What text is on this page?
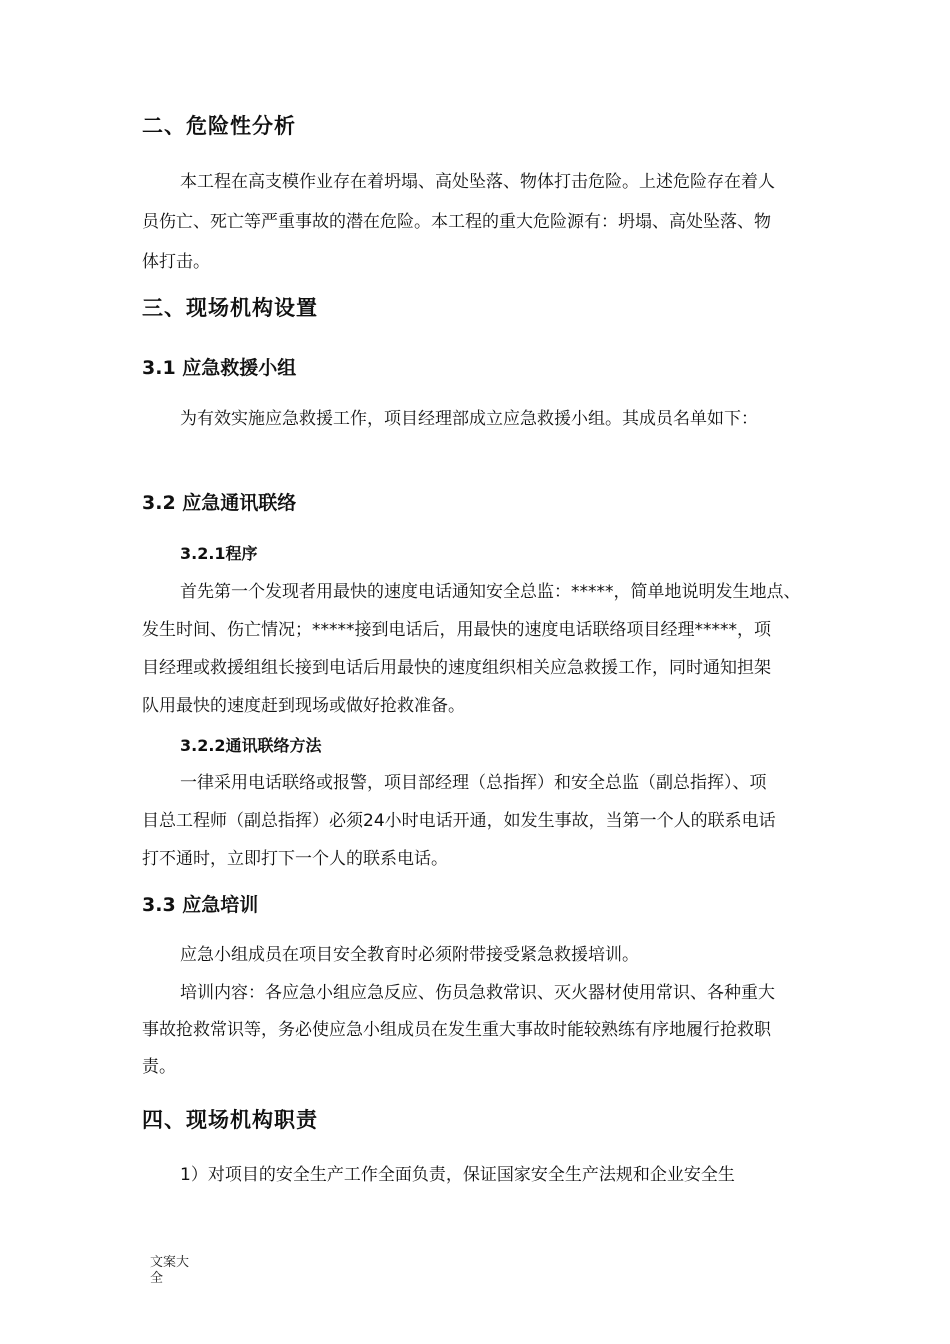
二、危险性分析
本工程在高支模作业存在着坍塌、高处坠落、物体打击危险。上述危险存在着人
员伤亡、死亡等严重事故的潜在危险。本工程的重大危险源有：坍塌、高处坠落、物
体打击。
三、现场机构设置
3.1 应急救援小组

为有效实施应急救援工作，项目经理部成立应急救援小组。其成员名单如下：

3.2 应急通讯联络
3.2.1程序
首先第一个发现者用最快的速度电话通知安全总监：*****，简单地说明发生地点、
发生时间、伤亡情况；*****接到电话后，用最快的速度电话联络项目经理*****，项
目经理或救援组组长接到电话后用最快的速度组织相关应急救援工作，同时通知担架
队用最快的速度赶到现场或做好抢救准备。
3.2.2通讯联络方法
一律采用电话联络或报警，项目部经理（总指挥）和安全总监（副总指挥）、项
目总工程师（副总指挥）必须24小时电话开通，如发生事故，当第一个人的联系电话
打不通时，立即打下一个人的联系电话。
3.3 应急培训

应急小组成员在项目安全教育时必须附带接受紧急救援培训。

培训内容：各应急小组应急反应、伤员急救常识、灭火器材使用常识、各种重大
事故抢救常识等，务必使应急小组成员在发生重大事故时能较熟练有序地履行抢救职
责。
四、现场机构职责

1）对项目的安全生产工作全面负责，保证国家安全生产法规和企业安全生

文案大全
